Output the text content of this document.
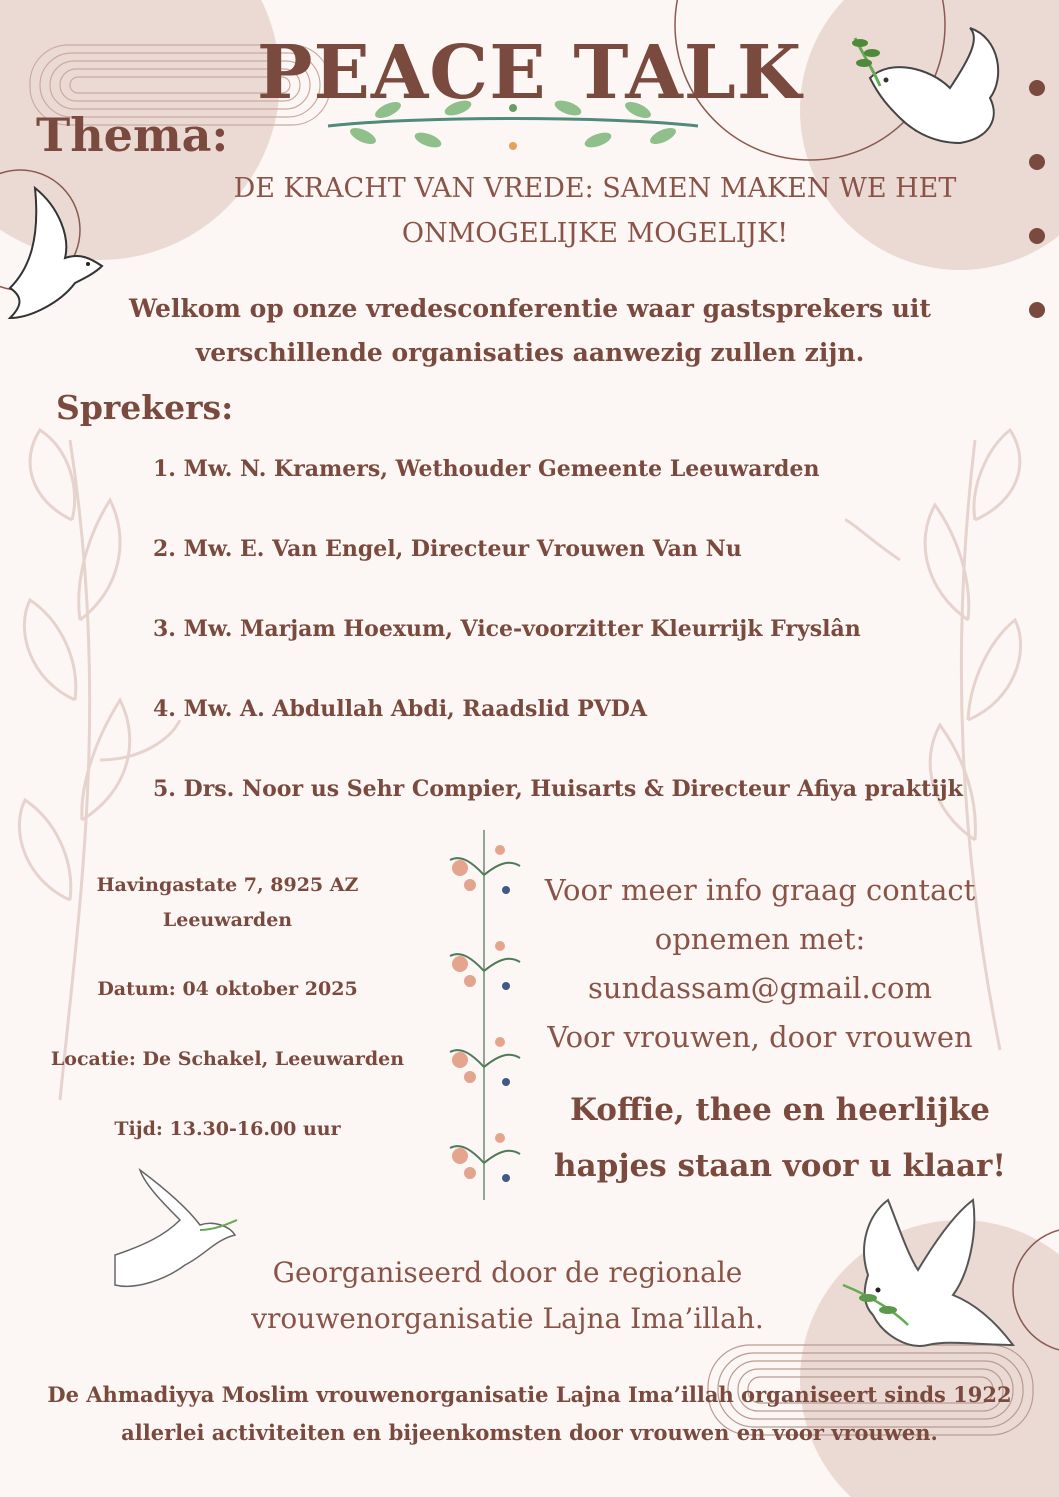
PEACE TALK
Thema:
DE KRACHT VAN VREDE: SAMEN MAKEN WE HET
ONMOGELIJKE MOGELIJK!
Welkom op onze vredesconferentie waar gastsprekers uit
verschillende organisaties aanwezig zullen zijn.
Sprekers:
1. Mw. N. Kramers, Wethouder Gemeente Leeuwarden
2. Mw. E. Van Engel, Directeur Vrouwen Van Nu
3. Mw. Marjam Hoexum, Vice-voorzitter Kleurrijk Fryslân
4. Mw. A. Abdullah Abdi, Raadslid PVDA
5. Drs. Noor us Sehr Compier, Huisarts & Directeur Afiya praktijk
Havingastate 7, 8925 AZ
Leeuwarden
Datum: 04 oktober 2025
Locatie: De Schakel, Leeuwarden
Tijd: 13.30-16.00 uur
Voor meer info graag contact
opnemen met:
sundassam@gmail.com
Voor vrouwen, door vrouwen
Koffie, thee en heerlijke
hapjes staan voor u klaar!
Georganiseerd door de regionale
vrouwenorganisatie Lajna Ima’illah.
De Ahmadiyya Moslim vrouwenorganisatie Lajna Ima’illah organiseert sinds 1922
allerlei activiteiten en bijeenkomsten door vrouwen en voor vrouwen.
